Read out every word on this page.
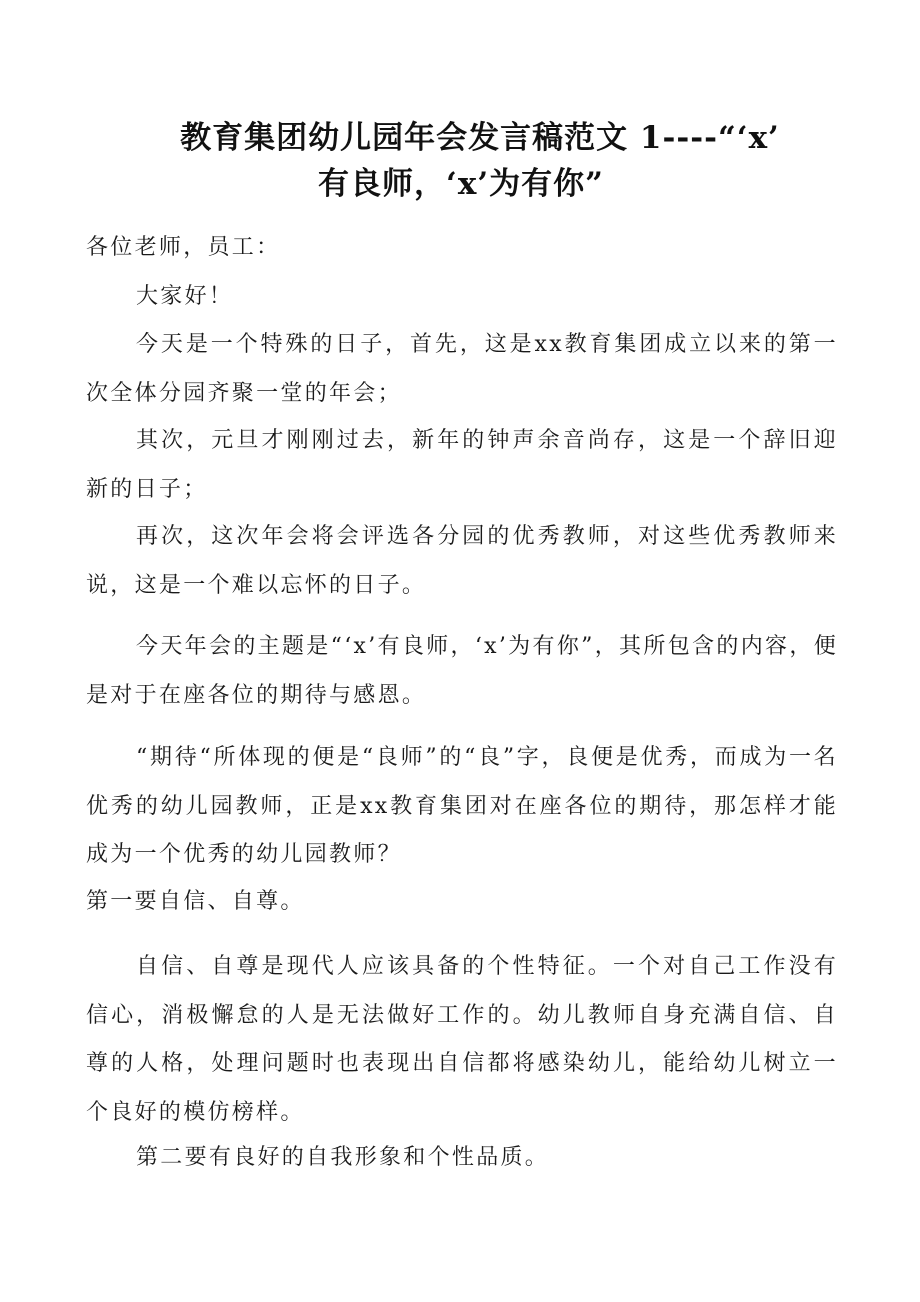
教育集团幼儿园年会发言稿范文 1----“‘x’
有良师，‘x’为有你”

各位老师，员工：

大家好！

今天是一个特殊的日子，首先，这是xx教育集团成立以来的第一次全体分园齐聚一堂的年会；

其次，元旦才刚刚过去，新年的钟声余音尚存，这是一个辞旧迎新的日子；

再次，这次年会将会评选各分园的优秀教师，对这些优秀教师来说，这是一个难以忘怀的日子。

今天年会的主题是“‘x’有良师，‘x’为有你”，其所包含的内容，便是对于在座各位的期待与感恩。

“期待“所体现的便是“良师”的“良”字，良便是优秀，而成为一名优秀的幼儿园教师，正是xx教育集团对在座各位的期待，那怎样才能成为一个优秀的幼儿园教师？

第一要自信、自尊。

自信、自尊是现代人应该具备的个性特征。一个对自己工作没有信心，消极懈怠的人是无法做好工作的。幼儿教师自身充满自信、自尊的人格，处理问题时也表现出自信都将感染幼儿，能给幼儿树立一个良好的模仿榜样。

第二要有良好的自我形象和个性品质。
